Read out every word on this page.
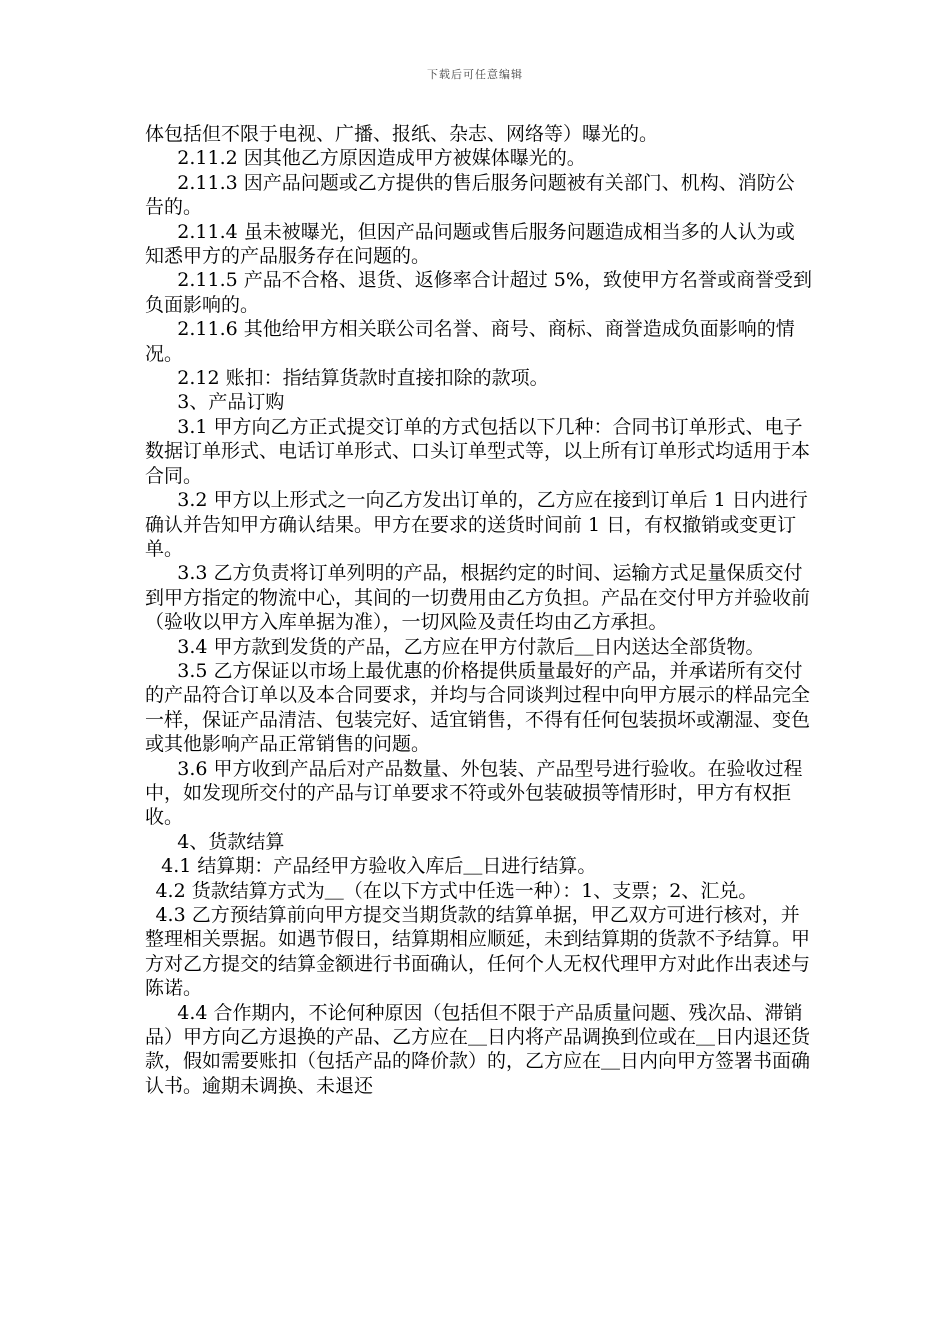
下载后可任意编辑

体包括但不限于电视、广播、报纸、杂志、网络等）曝光的。

2.11.2 因其他乙方原因造成甲方被媒体曝光的。

2.11.3 因产品问题或乙方提供的售后服务问题被有关部门、机构、消防公告的。

2.11.4 虽未被曝光，但因产品问题或售后服务问题造成相当多的人认为或知悉甲方的产品服务存在问题的。

2.11.5 产品不合格、退货、返修率合计超过 5%，致使甲方名誉或商誉受到负面影响的。

2.11.6 其他给甲方相关联公司名誉、商号、商标、商誉造成负面影响的情况。

2.12 账扣：指结算货款时直接扣除的款项。

3、产品订购

3.1 甲方向乙方正式提交订单的方式包括以下几种：合同书订单形式、电子数据订单形式、电话订单形式、口头订单型式等，以上所有订单形式均适用于本合同。

3.2 甲方以上形式之一向乙方发出订单的，乙方应在接到订单后 1 日内进行确认并告知甲方确认结果。甲方在要求的送货时间前 1 日，有权撤销或变更订单。

3.3 乙方负责将订单列明的产品，根据约定的时间、运输方式足量保质交付到甲方指定的物流中心，其间的一切费用由乙方负担。产品在交付甲方并验收前（验收以甲方入库单据为准），一切风险及责任均由乙方承担。

3.4 甲方款到发货的产品，乙方应在甲方付款后＿日内送达全部货物。

3.5 乙方保证以市场上最优惠的价格提供质量最好的产品，并承诺所有交付的产品符合订单以及本合同要求，并均与合同谈判过程中向甲方展示的样品完全一样，保证产品清洁、包装完好、适宜销售，不得有任何包装损坏或潮湿、变色或其他影响产品正常销售的问题。

3.6 甲方收到产品后对产品数量、外包装、产品型号进行验收。在验收过程中，如发现所交付的产品与订单要求不符或外包装破损等情形时，甲方有权拒收。

4、货款结算

4.1 结算期：产品经甲方验收入库后＿日进行结算。

4.2 货款结算方式为＿（在以下方式中任选一种）：1、支票；2、汇兑。

4.3 乙方预结算前向甲方提交当期货款的结算单据，甲乙双方可进行核对，并整理相关票据。如遇节假日，结算期相应顺延，未到结算期的货款不予结算。甲方对乙方提交的结算金额进行书面确认，任何个人无权代理甲方对此作出表述与陈诺。

4.4 合作期内，不论何种原因（包括但不限于产品质量问题、残次品、滞销品）甲方向乙方退换的产品、乙方应在＿日内将产品调换到位或在＿日内退还货款，假如需要账扣（包括产品的降价款）的，乙方应在＿日内向甲方签署书面确认书。逾期未调换、未退还
